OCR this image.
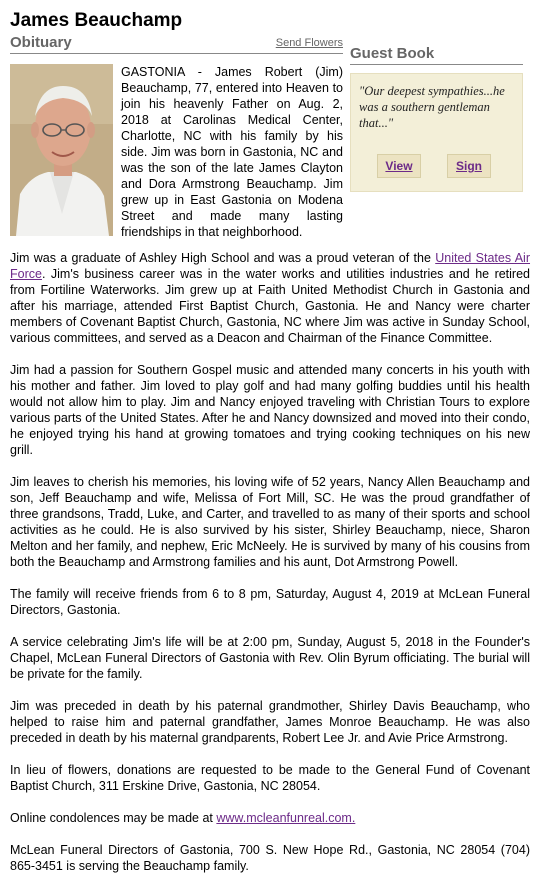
James Beauchamp
Obituary	Send Flowers
Guest Book
"Our deepest sympathies...he was a southern gentleman that..."
View	Sign
GASTONIA - James Robert (Jim) Beauchamp, 77, entered into Heaven to join his heavenly Father on Aug. 2, 2018 at Carolinas Medical Center, Charlotte, NC with his family by his side. Jim was born in Gastonia, NC and was the son of the late James Clayton and Dora Armstrong Beauchamp. Jim grew up in East Gastonia on Modena Street and made many lasting friendships in that neighborhood.

Jim was a graduate of Ashley High School and was a proud veteran of the United States Air Force. Jim's business career was in the water works and utilities industries and he retired from Fortiline Waterworks. Jim grew up at Faith United Methodist Church in Gastonia and after his marriage, attended First Baptist Church, Gastonia. He and Nancy were charter members of Covenant Baptist Church, Gastonia, NC where Jim was active in Sunday School, various committees, and served as a Deacon and Chairman of the Finance Committee.

Jim had a passion for Southern Gospel music and attended many concerts in his youth with his mother and father. Jim loved to play golf and had many golfing buddies until his health would not allow him to play. Jim and Nancy enjoyed traveling with Christian Tours to explore various parts of the United States. After he and Nancy downsized and moved into their condo, he enjoyed trying his hand at growing tomatoes and trying cooking techniques on his new grill.

Jim leaves to cherish his memories, his loving wife of 52 years, Nancy Allen Beauchamp and son, Jeff Beauchamp and wife, Melissa of Fort Mill, SC. He was the proud grandfather of three grandsons, Tradd, Luke, and Carter, and travelled to as many of their sports and school activities as he could. He is also survived by his sister, Shirley Beauchamp, niece, Sharon Melton and her family, and nephew, Eric McNeely. He is survived by many of his cousins from both the Beauchamp and Armstrong families and his aunt, Dot Armstrong Powell.

The family will receive friends from 6 to 8 pm, Saturday, August 4, 2019 at McLean Funeral Directors, Gastonia.

A service celebrating Jim's life will be at 2:00 pm, Sunday, August 5, 2018 in the Founder's Chapel, McLean Funeral Directors of Gastonia with Rev. Olin Byrum officiating. The burial will be private for the family.

Jim was preceded in death by his paternal grandmother, Shirley Davis Beauchamp, who helped to raise him and paternal grandfather, James Monroe Beauchamp. He was also preceded in death by his maternal grandparents, Robert Lee Jr. and Avie Price Armstrong.

In lieu of flowers, donations are requested to be made to the General Fund of Covenant Baptist Church, 311 Erskine Drive, Gastonia, NC 28054.

Online condolences may be made at www.mcleanfunreal.com.

McLean Funeral Directors of Gastonia, 700 S. New Hope Rd., Gastonia, NC 28054 (704) 865-3451 is serving the Beauchamp family.
